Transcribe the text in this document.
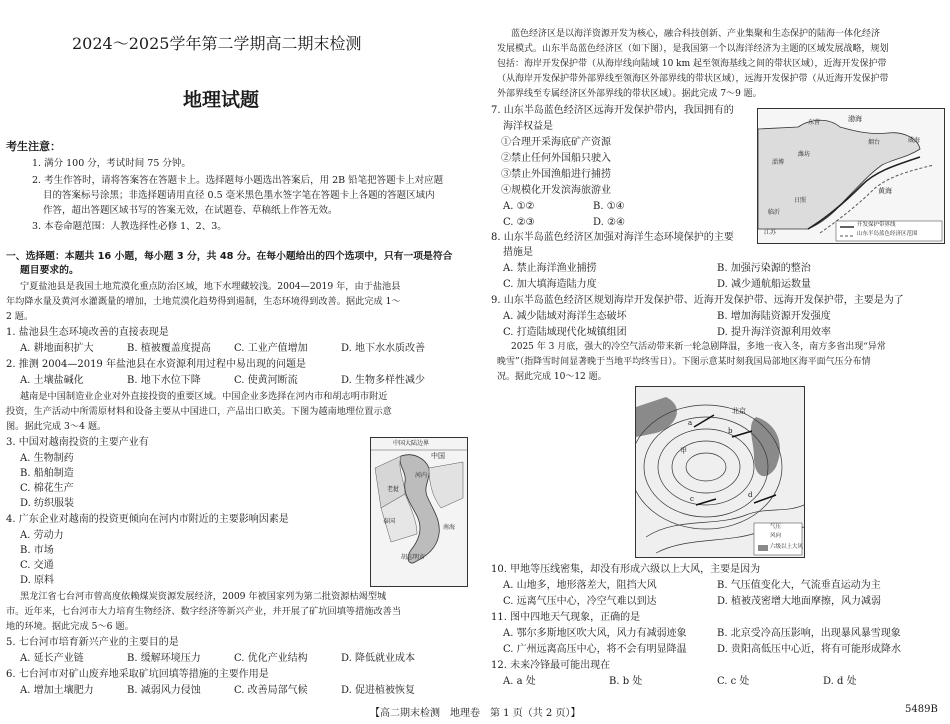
2024～2025学年第二学期高二期末检测
地理试题
考生注意：
1. 满分 100 分，考试时间 75 分钟。
2. 考生作答时，请将答案答在答题卡上。选择题每小题选出答案后，用 2B 铅笔把答题卡上对应题
目的答案标号涂黑；非选择题请用直径 0.5 毫米黑色墨水签字笔在答题卡上各题的答题区域内
作答，超出答题区域书写的答案无效，在试题卷、草稿纸上作答无效。
3. 本卷命题范围：人教选择性必修 1、2、3。
一、选择题：本题共 16 小题，每小题 3 分，共 48 分。在每小题给出的四个选项中，只有一项是符合
题目要求的。
宁夏盐池县是我国土地荒漠化重点防治区域，地下水埋藏较浅。2004—2019 年，由于盐池县
年均降水量及黄河水灌溉量的增加，土地荒漠化趋势得到遏制，生态环境得到改善。据此完成 1～
2 题。
1. 盐池县生态环境改善的直接表现是
A. 耕地面积扩大	B. 植被覆盖度提高 C. 工业产值增加	D. 地下水水质改善
2. 推测 2004—2019 年盐池县在水资源利用过程中易出现的问题是
A. 土壤盐碱化	B. 地下水位下降	C. 使黄河断流	D. 生物多样性减少
越南是中国制造业企业对外直接投资的重要区域。中国企业多选择在河内市和胡志明市附近
投资，生产活动中所需原材料和设备主要从中国进口，产品出口欧美。下图为越南地理位置示意
图。据此完成 3～4 题。
3. 中国对越南投资的主要产业有
A. 生物制药
B. 船舶制造
C. 棉花生产
D. 纺织服装
4. 广东企业对越南的投资更倾向在河内市附近的主要影响因素是
A. 劳动力
B. 市场
C. 交通
D. 原料
中国大陆边界
中国
河内
胡志明市
老挝
泰国
南海
黑龙江省七台河市曾高度依赖煤炭资源发展经济，2009 年被国家列为第二批资源枯竭型城
市。近年来，七台河市大力培育生物经济、数字经济等新兴产业，并开展了矿坑回填等措施改善当
地的环境。据此完成 5～6 题。
5. 七台河市培育新兴产业的主要目的是
A. 延长产业链	B. 缓解环境压力	C. 优化产业结构	D. 降低就业成本
6. 七台河市对矿山废弃地采取矿坑回填等措施的主要作用是
A. 增加土壤肥力	B. 减弱风力侵蚀	C. 改善局部气候	D. 促进植被恢复
蓝色经济区是以海洋资源开发为核心，融合科技创新、产业集聚和生态保护的陆海一体化经济
发展模式。山东半岛蓝色经济区（如下图），是我国第一个以海洋经济为主题的区域发展战略，规划
包括：海岸开发保护带（从海岸线向陆域 10 km 起至领海基线之间的带状区域），近海开发保护带
（从海岸开发保护带外部界线至领海区外部界线的带状区域），远海开发保护带（从近海开发保护带
外部界线至专属经济区外部界线的带状区域）。据此完成 7～9 题。
7. 山东半岛蓝色经济区远海开发保护带内，我国拥有的
海洋权益是
①合理开采海底矿产资源
②禁止任何外国船只驶入
③禁止外国渔船进行捕捞
④规模化开发滨海旅游业
A. ①②	B. ①④
C. ②③	D. ②④
潍坊
淄博
烟台	威海
日照
临沂
东营
黄海
渤海
江苏
开发保护带界线
山东半岛蓝色经济区范围
8. 山东半岛蓝色经济区加强对海洋生态环境保护的主要
措施是
A. 禁止海洋渔业捕捞	B. 加强污染源的整治
C. 加大填海造陆力度	D. 减少通航船运数量
9. 山东半岛蓝色经济区规划海岸开发保护带、近海开发保护带、远海开发保护带，主要是为了
A. 减少陆域对海洋生态破坏	B. 增加海陆资源开发强度
C. 打造陆域现代化城镇组团	D. 提升海洋资源利用效率
2025 年 3 月底，强大的冷空气活动带来新一轮急剧降温，多地一夜入冬，南方多省出现“异常
晚雪”（指降雪时间显著晚于当地平均终雪日）。下图示意某时刻我国局部地区海平面气压分布情
况。据此完成 10～12 题。
北京
甲
a
b
c	d
气压
风向
六级以上大风
10. 甲地等压线密集，却没有形成六级以上大风，主要是因为
A. 山地多，地形落差大，阻挡大风	B. 气压值变化大，气流垂直运动为主
C. 远离气压中心，冷空气难以到达	D. 植被茂密增大地面摩擦，风力减弱
11. 图中四地天气现象，正确的是
A. 鄂尔多斯地区吹大风，风力有减弱迹象	B. 北京受冷高压影响，出现暴风暴雪现象
C. 广州远离高压中心，将不会有明显降温	D. 贵阳高低压中心近，将有可能形成降水
12. 未来冷锋最可能出现在
A. a 处	B. b 处	C. c 处	D. d 处
【高二期末检测　地理卷　第 1 页（共 2 页）】	5489B
